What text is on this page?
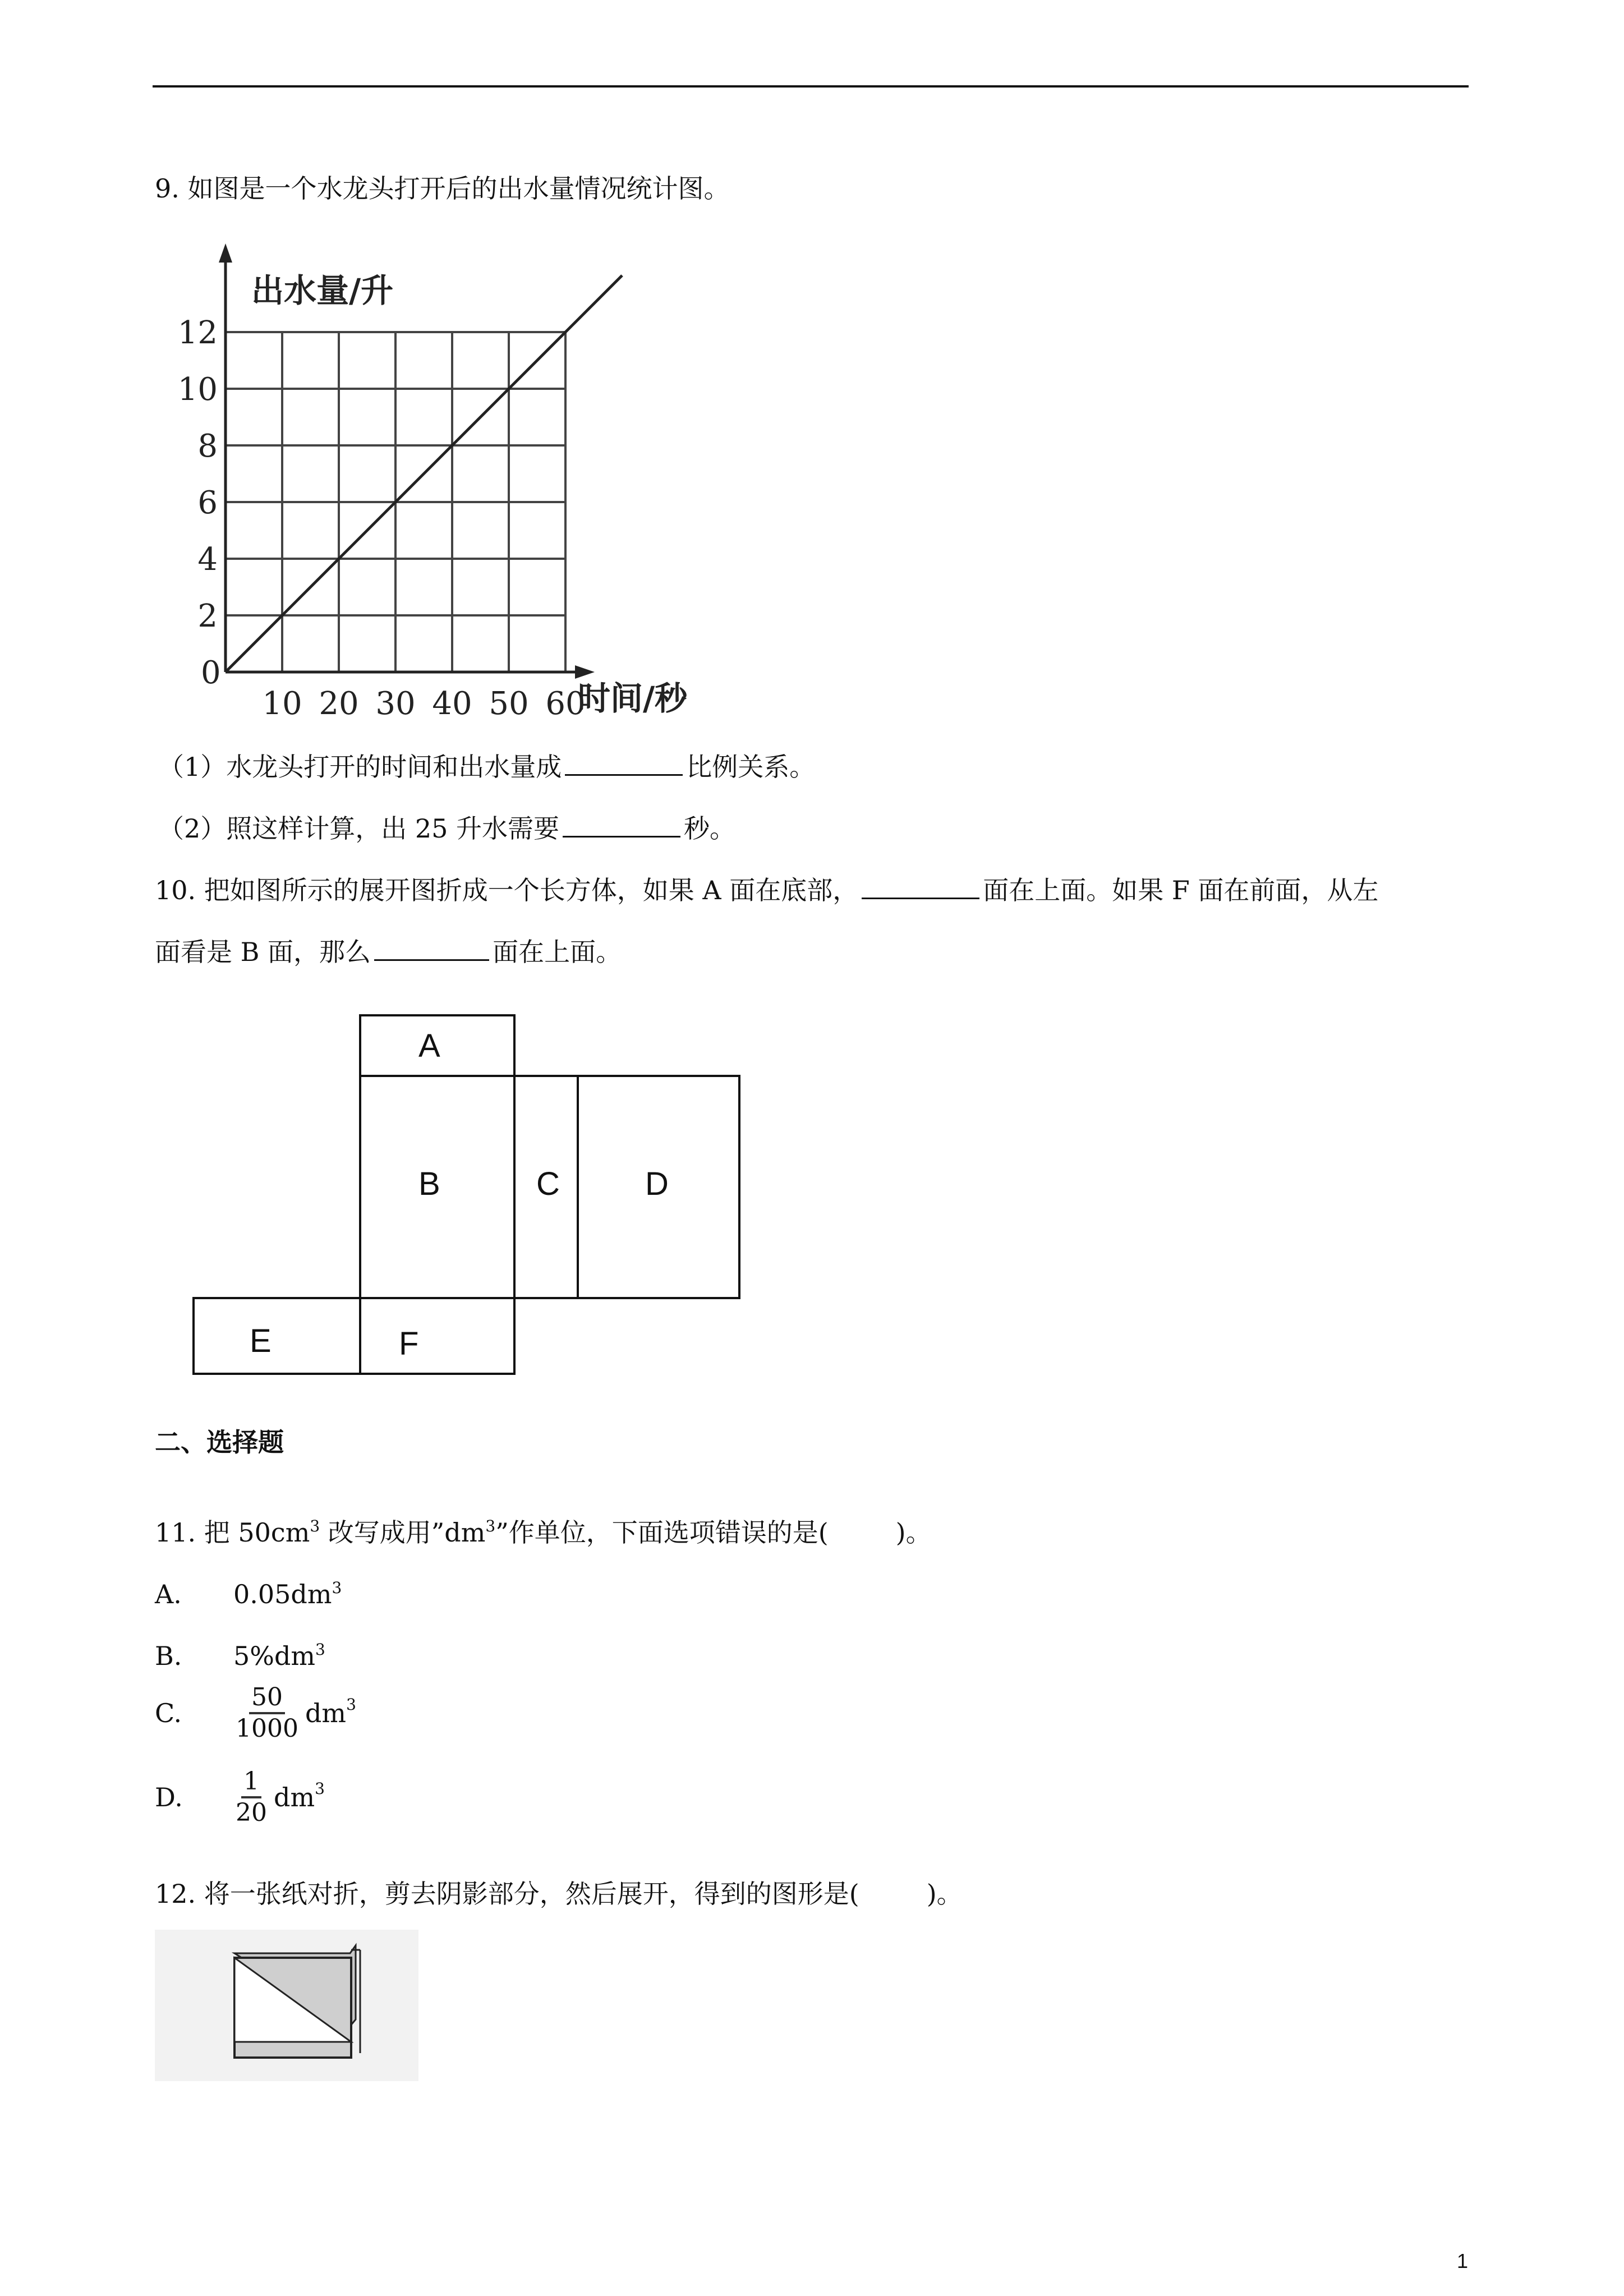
9. 如图是一个水龙头打开后的出水量情况统计图。
0
2
4
6
8
10
12
10 20 30 40 50 60
出水量/升
时间/秒
（1）水龙头打开的时间和出水量成	比例关系。
（2）照这样计算，出 25 升水需要	秒。
10. 把如图所示的展开图折成一个长方体，如果 A 面在底部，	面在上面。如果 F 面在前面，从左
面看是 B 面，那么	面在上面。
A
B	C	D
E	F
二、选择题
11. 把 $50cm^3$ 改写成用$”dm^3$”作单位，下面选项错误的是(	)。
A. $0.05dm^3$
B. $5\%dm^3$
C. $\frac{50}{1000} dm^3$
D. $\frac{1}{20} dm^3$
12. 将一张纸对折，剪去阴影部分，然后展开，得到的图形是(	)。
1
